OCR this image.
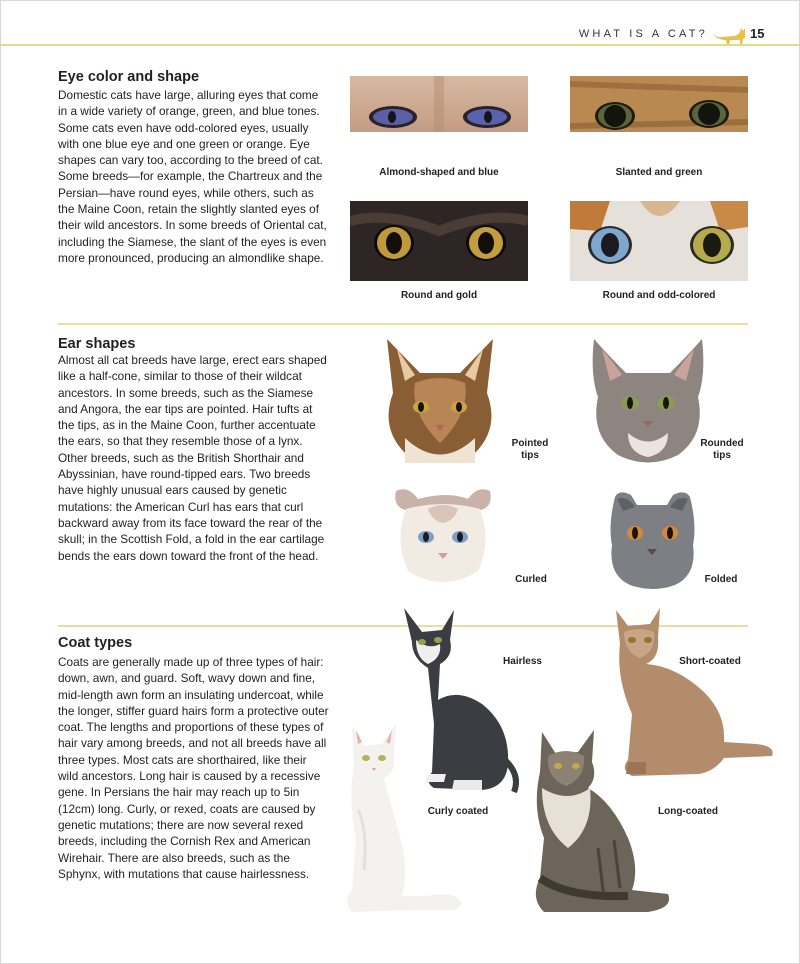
WHAT IS A CAT?	15
Eye color and shape
Domestic cats have large, alluring eyes that come in a wide variety of orange, green, and blue tones. Some cats even have odd-colored eyes, usually with one blue eye and one green or orange. Eye shapes can vary too, according to the breed of cat. Some breeds—for example, the Chartreux and the Persian—have round eyes, while others, such as the Maine Coon, retain the slightly slanted eyes of their wild ancestors. In some breeds of Oriental cat, including the Siamese, the slant of the eyes is even more pronounced, producing an almondlike shape.
Almond-shaped and blue	Slanted and green
Round and gold	Round and odd-colored
Ear shapes
Almost all cat breeds have large, erect ears shaped like a half-cone, similar to those of their wildcat ancestors. In some breeds, such as the Siamese and Angora, the ear tips are pointed. Hair tufts at the tips, as in the Maine Coon, further accentuate the ears, so that they resemble those of a lynx. Other breeds, such as the British Shorthair and Abyssinian, have round-tipped ears. Two breeds have highly unusual ears caused by genetic mutations: the American Curl has ears that curl backward away from its face toward the rear of the skull; in the Scottish Fold, a fold in the ear cartilage bends the ears down toward the front of the head.
Pointed
tips
Rounded
tips
Curled	Folded
Coat types
Coats are generally made up of three types of hair: down, awn, and guard. Soft, wavy down and fine, mid-length awn form an insulating undercoat, while the longer, stiffer guard hairs form a protective outer coat. The lengths and proportions of these types of hair vary among breeds, and not all breeds have all three types. Most cats are shorthaired, like their wild ancestors. Long hair is caused by a recessive gene. In Persians the hair may reach up to 5in (12cm) long. Curly, or rexed, coats are caused by genetic mutations; there are now several rexed breeds, including the Cornish Rex and American Wirehair. There are also breeds, such as the Sphynx, with mutations that cause hairlessness.
Hairless	Short-coated
Curly coated	Long-coated
